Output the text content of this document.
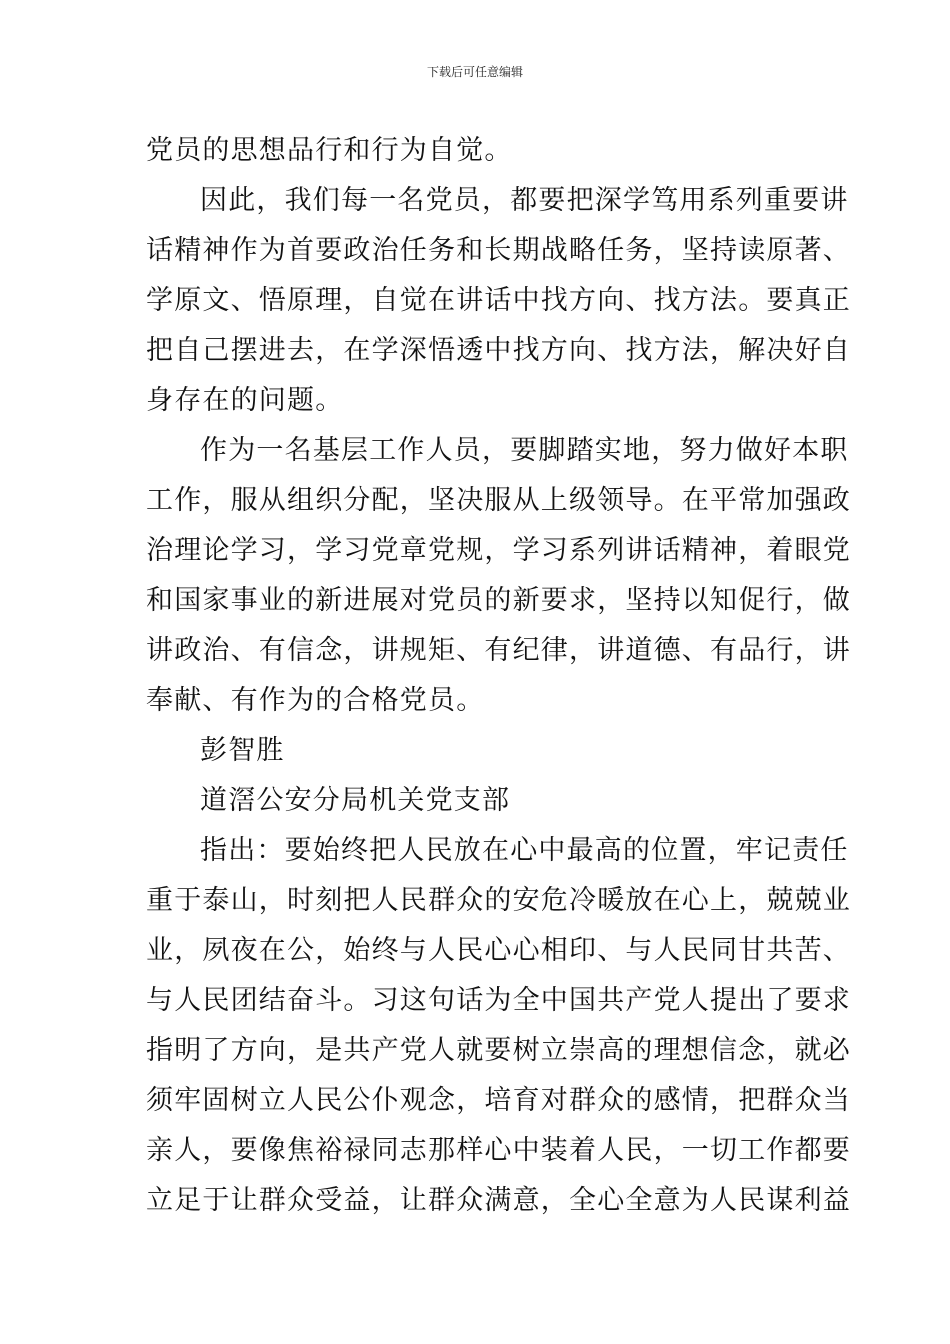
下载后可任意编辑

党员的思想品行和行为自觉。

因此，我们每一名党员，都要把深学笃用系列重要讲
话精神作为首要政治任务和长期战略任务，坚持读原著、
学原文、悟原理，自觉在讲话中找方向、找方法。要真正
把自己摆进去，在学深悟透中找方向、找方法，解决好自
身存在的问题。

作为一名基层工作人员，要脚踏实地，努力做好本职
工作，服从组织分配，坚决服从上级领导。在平常加强政
治理论学习，学习党章党规，学习系列讲话精神，着眼党
和国家事业的新进展对党员的新要求，坚持以知促行，做
讲政治、有信念，讲规矩、有纪律，讲道德、有品行，讲
奉献、有作为的合格党员。

彭智胜

道滘公安分局机关党支部

指出：要始终把人民放在心中最高的位置，牢记责任
重于泰山，时刻把人民群众的安危冷暖放在心上，兢兢业
业，夙夜在公，始终与人民心心相印、与人民同甘共苦、
与人民团结奋斗。习这句话为全中国共产党人提出了要求
指明了方向，是共产党人就要树立崇高的理想信念，就必
须牢固树立人民公仆观念，培育对群众的感情，把群众当
亲人，要像焦裕禄同志那样心中装着人民，一切工作都要
立足于让群众受益，让群众满意，全心全意为人民谋利益
